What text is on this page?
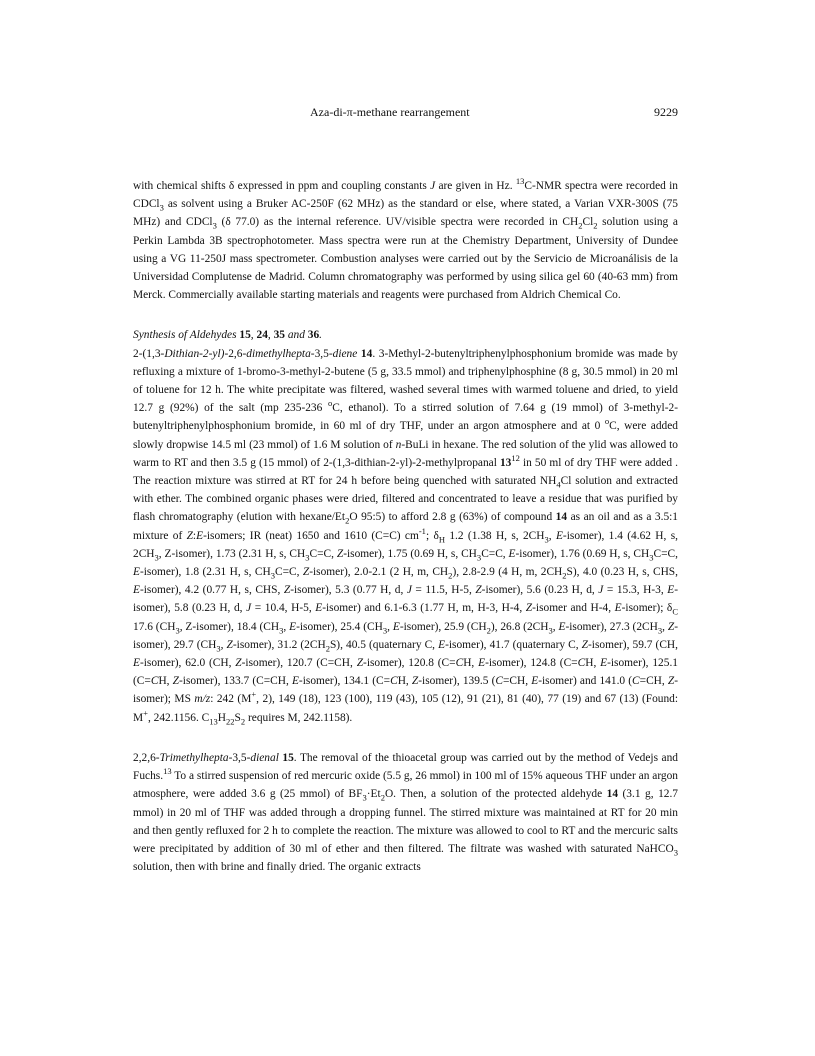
Aza-di-π-methane rearrangement	9229

with chemical shifts δ expressed in ppm and coupling constants J are given in Hz. $^{13}$C-NMR spectra were recorded in CDCl$_3$ as solvent using a Bruker AC-250F (62 MHz) as the standard or else, where stated, a Varian VXR-300S (75 MHz) and CDCl$_3$ (δ 77.0) as the internal reference. UV/visible spectra were recorded in $CH_2Cl_2$ solution using a Perkin Lambda 3B spectrophotometer. Mass spectra were run at the Chemistry Department, University of Dundee using a VG 11-250J mass spectrometer. Combustion analyses were carried out by the Servicio de Microanálisis de la Universidad Complutense de Madrid. Column chromatography was performed by using silica gel 60 (40-63 mm) from Merck. Commercially available starting materials and reagents were purchased from Aldrich Chemical Co.

Synthesis of Aldehydes 15, 24, 35 and 36.

2-(1,3-Dithian-2-yl)-2,6-dimethylhepta-3,5-diene 14. 3-Methyl-2-butenyltriphenylphosphonium bromide was made by refluxing a mixture of 1-bromo-3-methyl-2-butene (5 g, 33.5 mmol) and triphenylphosphine (8 g, 30.5 mmol) in 20 ml of toluene for 12 h. The white precipitate was filtered, washed several times with warmed toluene and dried, to yield 12.7 g (92%) of the salt (mp 235-236 $^o$C, ethanol). To a stirred solution of 7.64 g (19 mmol) of 3-methyl-2-butenyltriphenylphosphonium bromide, in 60 ml of dry THF, under an argon atmosphere and at 0 $^o$C, were added slowly dropwise 14.5 ml (23 mmol) of 1.6 M solution of n-BuLi in hexane. The red solution of the ylid was allowed to warm to RT and then 3.5 g (15 mmol) of 2-(1,3-dithian-2-yl)-2-methylpropanal $13^{12}$ in 50 ml of dry THF were added . The reaction mixture was stirred at RT for 24 h before being quenched with saturated $NH_4Cl$ solution and extracted with ether. The combined organic phases were dried, filtered and concentrated to leave a residue that was purified by flash chromatography (elution with hexane/$Et_2O$ 95:5) to afford 2.8 g (63%) of compound 14 as an oil and as a 3.5:1 mixture of Z:E-isomers; IR (neat) 1650 and 1610 (C=C) $cm^{-1}$; $\delta_H$ 1.2 (1.38 H, s, $2CH_3$, E-isomer), 1.4 (4.62 H, s, $2CH_3$, Z-isomer), 1.73 (2.31 H, s, $CH_3C=C$, Z-isomer), 1.75 (0.69 H, s, $CH_3C=C$, E-isomer), 1.76 (0.69 H, s, $CH_3C=C$, E-isomer), 1.8 (2.31 H, s, $CH_3C=C$, Z-isomer), 2.0-2.1 (2 H, m, $CH_2$), 2.8-2.9 (4 H, m, $2CH_2S$), 4.0 (0.23 H, s, CHS, E-isomer), 4.2 (0.77 H, s, CHS, Z-isomer), 5.3 (0.77 H, d, J = 11.5, H-5, Z-isomer), 5.6 (0.23 H, d, J = 15.3, H-3, E-isomer), 5.8 (0.23 H, d, J = 10.4, H-5, E-isomer) and 6.1-6.3 (1.77 H, m, H-3, H-4, Z-isomer and H-4, E-isomer); $\delta_C$ 17.6 ($CH_3$, Z-isomer), 18.4 ($CH_3$, E-isomer), 25.4 ($CH_3$, E-isomer), 25.9 $(CH_2)$, 26.8 ($2CH_3$, E-isomer), 27.3 ($2CH_3$, Z-isomer), 29.7 ($CH_3$, Z-isomer), 31.2 $(2CH_2S)$, 40.5 (quaternary C, E-isomer), 41.7 (quaternary C, Z-isomer), 59.7 (CH, E-isomer), 62.0 (CH, Z-isomer), 120.7 (C=CH, Z-isomer), 120.8 (C=CH, E-isomer), 124.8 (C=CH, E-isomer), 125.1 (C=CH, Z-isomer), 133.7 (C=CH, E-isomer), 134.1 (C=CH, Z-isomer), 139.5 (C=CH, E-isomer) and 141.0 (C=CH, Z-isomer); MS m/z: 242 (M+, 2), 149 (18), 123 (100), 119 (43), 105 (12), 91 (21), 81 (40), 77 (19) and 67 (13) (Found: M+, 242.1156. $C_{13}H_{22}S_2$ requires M, 242.1158).

2,2,6-Trimethylhepta-3,5-dienal 15. The removal of the thioacetal group was carried out by the method of Vedejs and Fuchs.$^{13}$ To a stirred suspension of red mercuric oxide (5.5 g, 26 mmol) in 100 ml of 15% aqueous THF under an argon atmosphere, were added 3.6 g (25 mmol) of $BF_3\cdot Et_2O$. Then, a solution of the protected aldehyde 14 (3.1 g, 12.7 mmol) in 20 ml of THF was added through a dropping funnel. The stirred mixture was maintained at RT for 20 min and then gently refluxed for 2 h to complete the reaction. The mixture was allowed to cool to RT and the mercuric salts were precipitated by addition of 30 ml of ether and then filtered. The filtrate was washed with saturated NaHCO$_3$ solution, then with brine and finally dried. The organic extracts
